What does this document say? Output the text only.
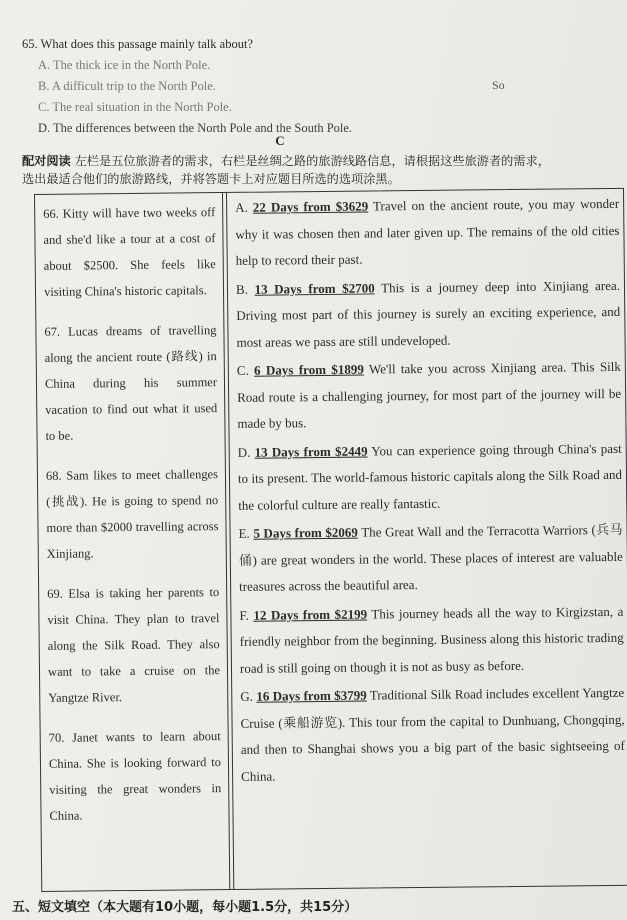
65. What does this passage mainly talk about?
A. The thick ice in the North Pole.
B. A difficult trip to the North Pole.
C. The real situation in the North Pole.
D. The differences between the North Pole and the South Pole.
So
C
配对阅读 左栏是五位旅游者的需求，右栏是丝绸之路的旅游线路信息，请根据这些旅游者的需求，选出最适合他们的旅游路线，并将答题卡上对应题目所选的选项涂黑。
66. Kitty will have two weeks off and she'd like a tour at a cost of about $2500. She feels like visiting China's historic capitals.
67. Lucas dreams of travelling along the ancient route (路线) in China during his summer vacation to find out what it used to be.
68. Sam likes to meet challenges (挑战). He is going to spend no more than $2000 travelling across Xinjiang.
69. Elsa is taking her parents to visit China. They plan to travel along the Silk Road. They also want to take a cruise on the Yangtze River.
70. Janet wants to learn about China. She is looking forward to visiting the great wonders in China.
A. 22 Days from $3629 Travel on the ancient route, you may wonder why it was chosen then and later given up. The remains of the old cities help to record their past.
B. 13 Days from $2700 This is a journey deep into Xinjiang area. Driving most part of this journey is surely an exciting experience, and most areas we pass are still undeveloped.
C. 6 Days from $1899 We'll take you across Xinjiang area. This Silk Road route is a challenging journey, for most part of the journey will be made by bus.
D. 13 Days from $2449 You can experience going through China's past to its present. The world-famous historic capitals along the Silk Road and the colorful culture are really fantastic.
E. 5 Days from $2069 The Great Wall and the Terracotta Warriors (兵马俑) are great wonders in the world. These places of interest are valuable treasures across the beautiful area.
F. 12 Days from $2199 This journey heads all the way to Kirgizstan, a friendly neighbor from the beginning. Business along this historic trading road is still going on though it is not as busy as before.
G. 16 Days from $3799 Traditional Silk Road includes excellent Yangtze Cruise (乘船游览). This tour from the capital to Dunhuang, Chongqing, and then to Shanghai shows you a big part of the basic sightseeing of China.
五、短文填空（本大题有10小题，每小题1.5分，共15分）
